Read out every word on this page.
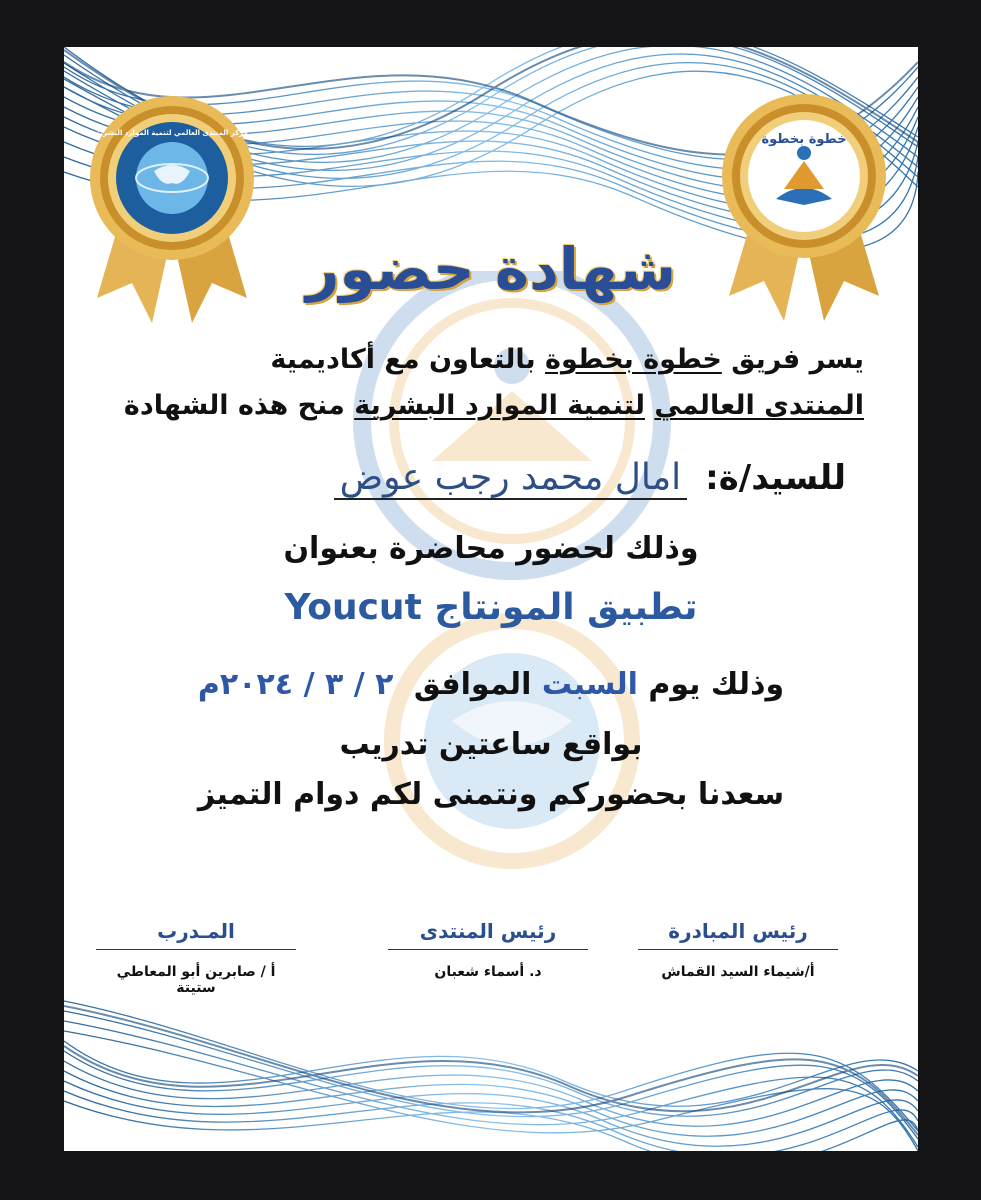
مركز المنتدى العالمي لتنمية الموارد البشرية	خطوة بخطوة
شهادة حضور
يسر فريق خطوة بخطوة بالتعاون مع أكاديمية
المنتدى العالمي لتنمية الموارد البشرية منح هذه الشهادة
للسيد/ة:
امال محمد رجب عوض
وذلك لحضور محاضرة بعنوان
تطبيق المونتاج Youcut
وذلك يوم السبت الموافق ٢ / ٣ / ٢٠٢٤م
بواقع ساعتين تدريب
سعدنا بحضوركم ونتمنى لكم دوام التميز
رئيس المبادرة
أ/شيماء السيد القماش
رئيس المنتدى
د. أسماء شعبان
المـدرب
أ / صابرين أبو المعاطي ستيتة
